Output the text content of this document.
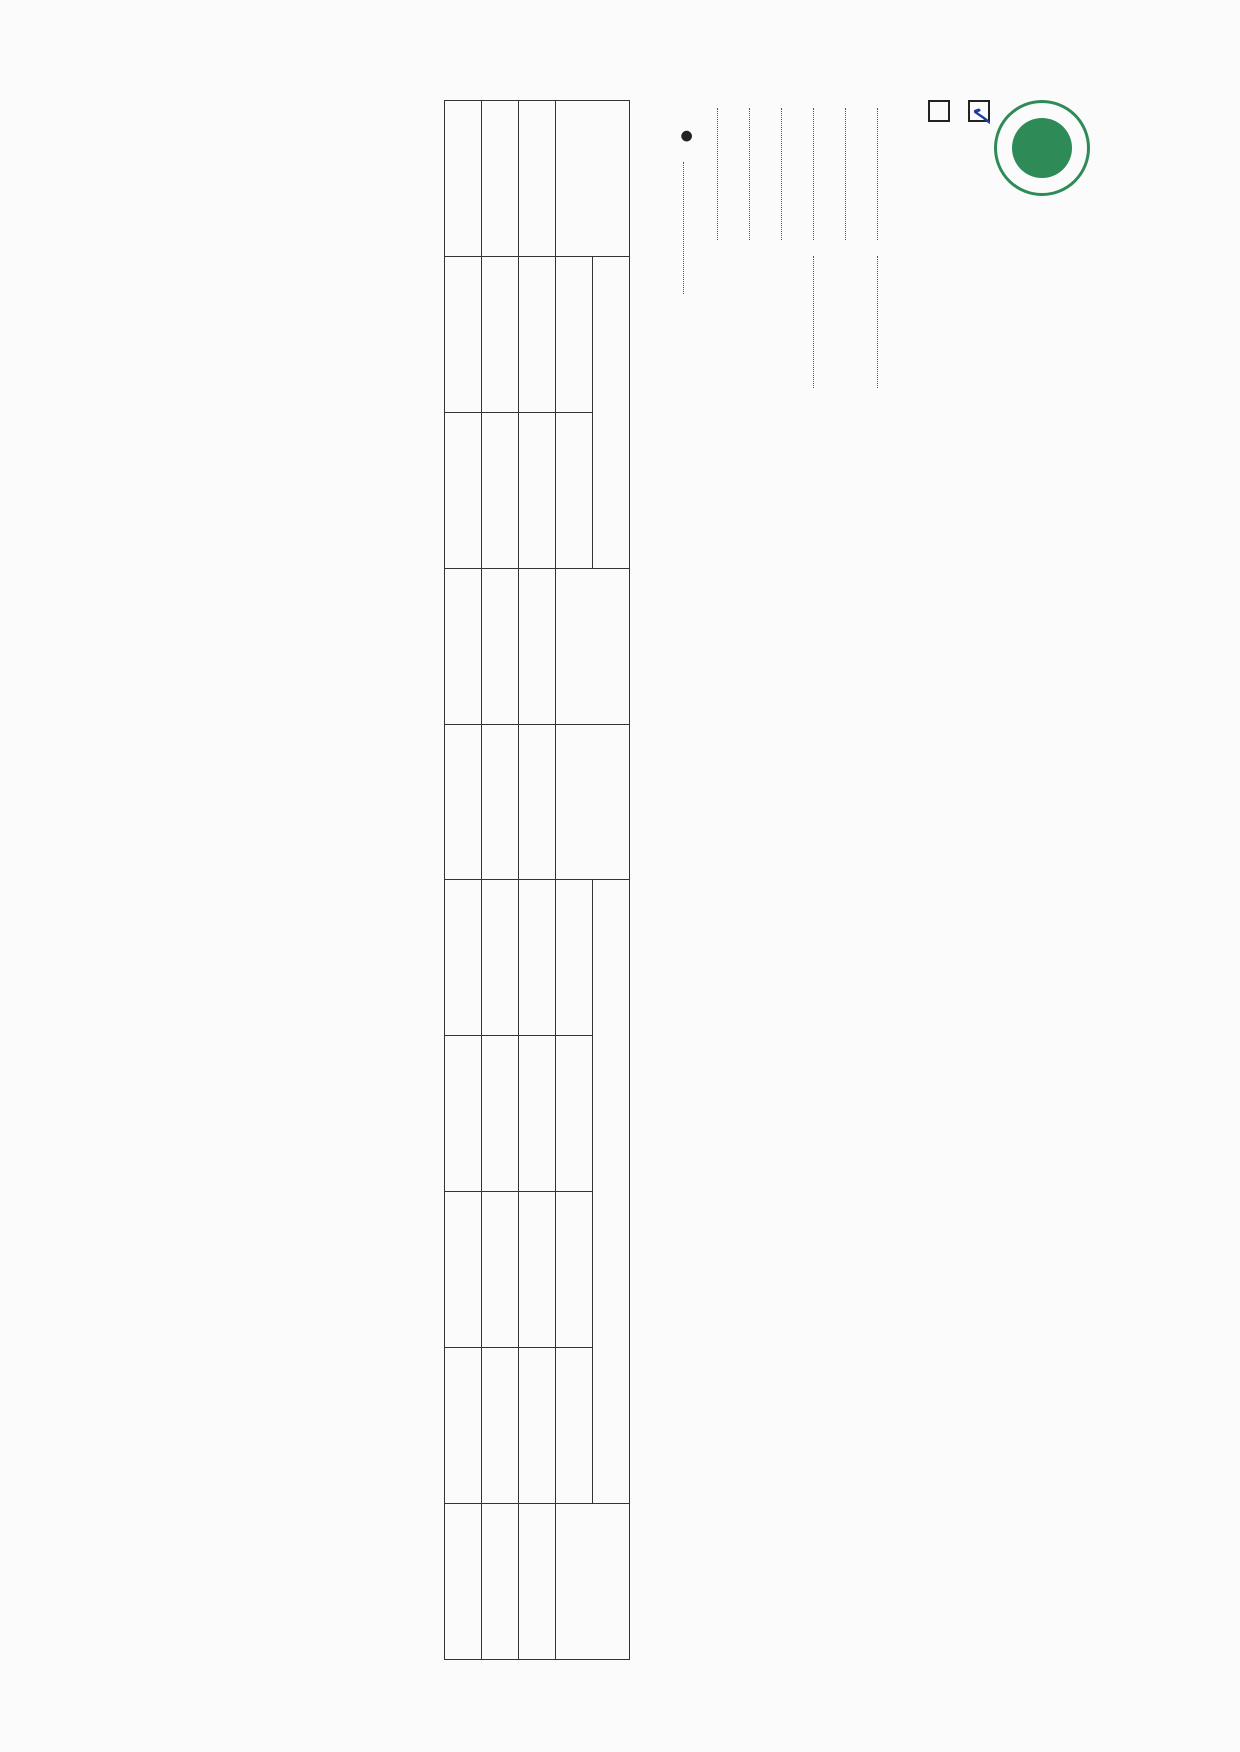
✓
●
